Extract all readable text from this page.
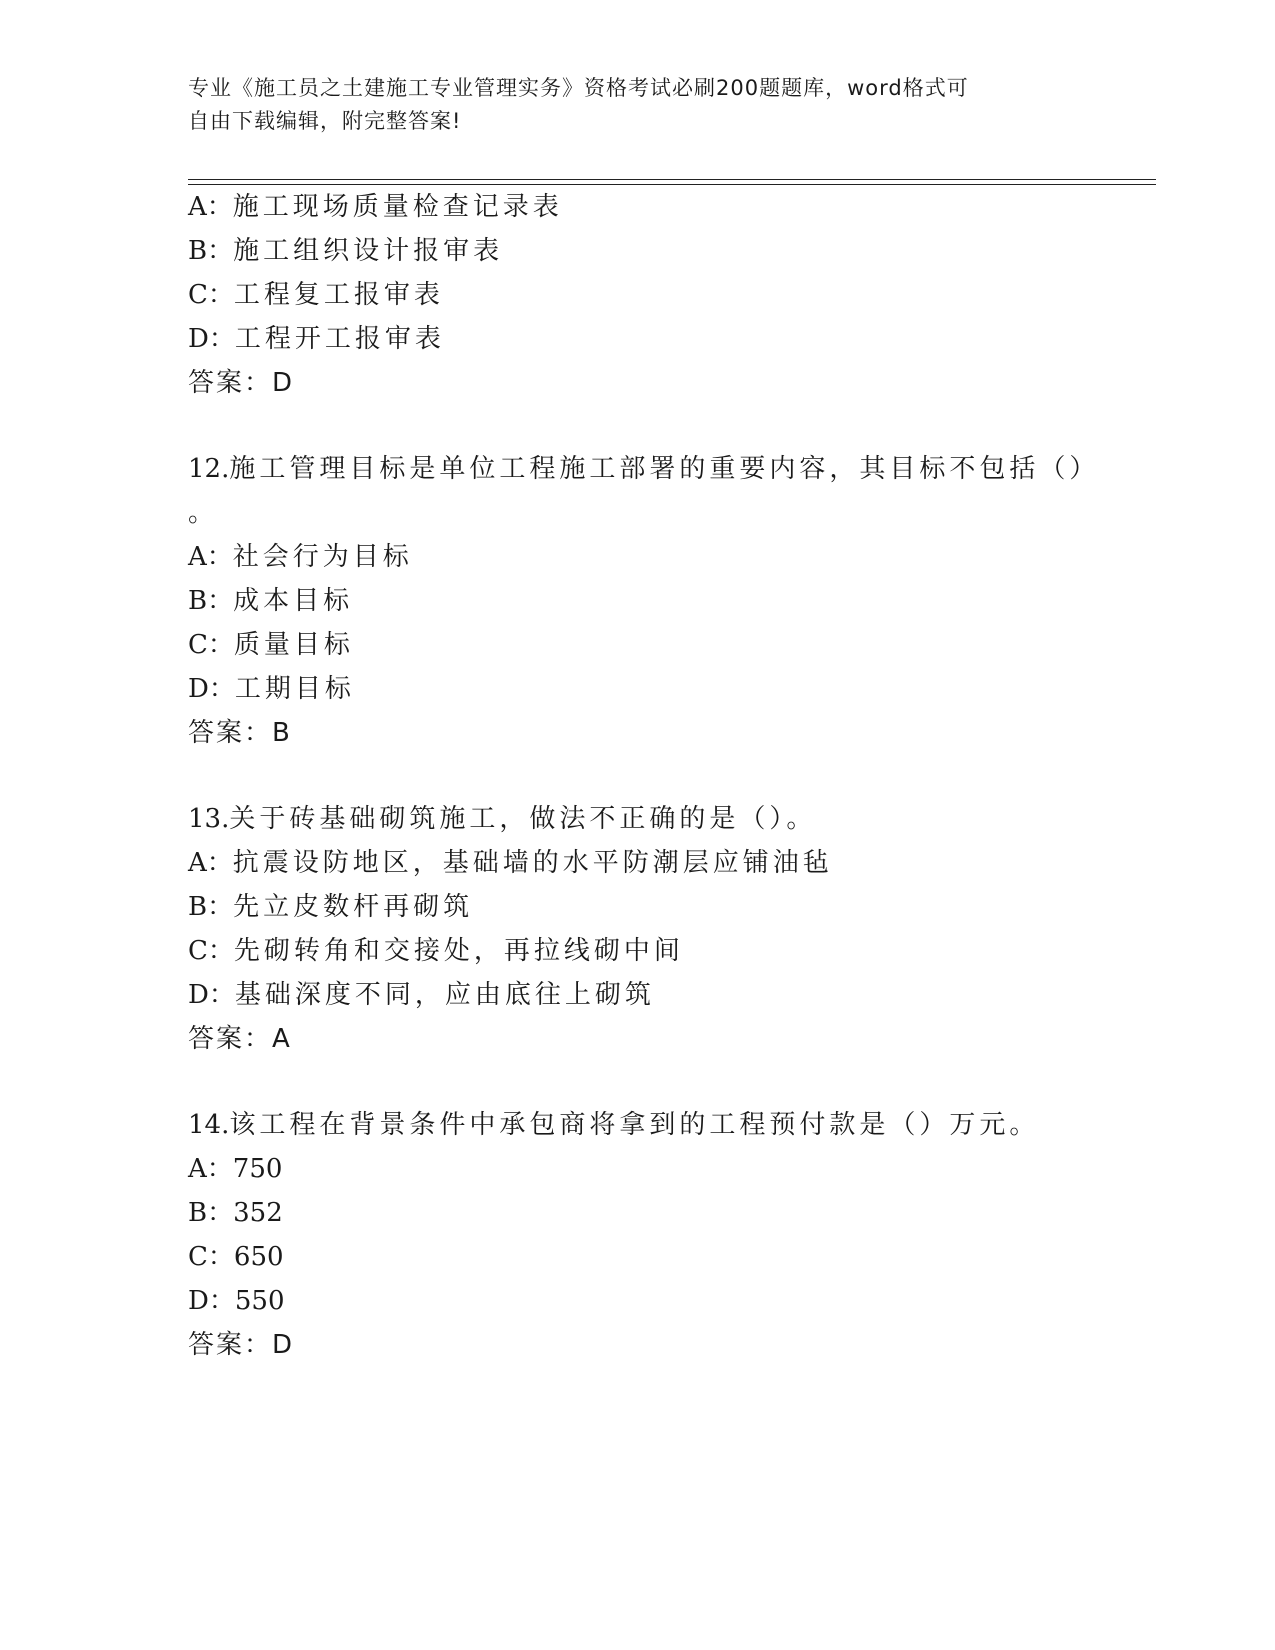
专业《施工员之土建施工专业管理实务》资格考试必刷200题题库，word格式可
自由下载编辑，附完整答案!
A：施工现场质量检查记录表
B：施工组织设计报审表
C：工程复工报审表
D：工程开工报审表
答案：D
12.施工管理目标是单位工程施工部署的重要内容，其目标不包括（）
。
A：社会行为目标
B：成本目标
C：质量目标
D：工期目标
答案：B
13.关于砖基础砌筑施工，做法不正确的是（）。
A：抗震设防地区，基础墙的水平防潮层应铺油毡
B：先立皮数杆再砌筑
C：先砌转角和交接处，再拉线砌中间
D：基础深度不同，应由底往上砌筑
答案：A
14.该工程在背景条件中承包商将拿到的工程预付款是（）万元。
A：750
B：352
C：650
D：550
答案：D
